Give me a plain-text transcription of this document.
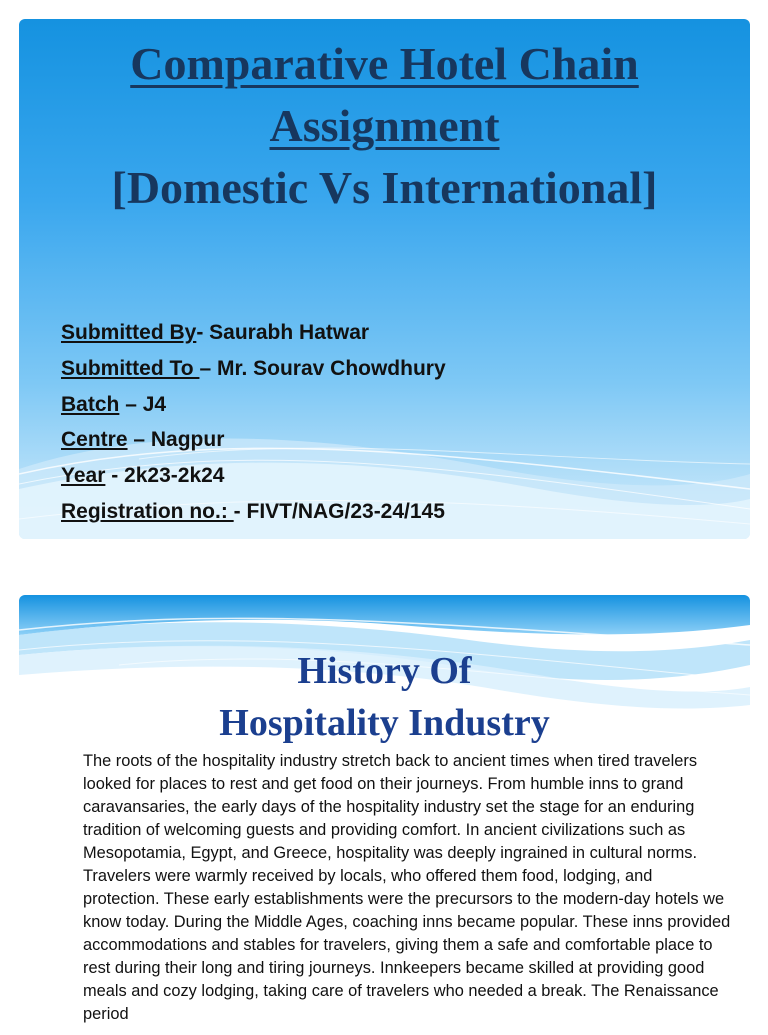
Comparative Hotel Chain
Assignment
[Domestic Vs International]
Submitted By- Saurabh Hatwar
Submitted To – Mr. Sourav Chowdhury
Batch – J4
Centre – Nagpur
Year - 2k23-2k24
Registration no.: - FIVT/NAG/23-24/145
History Of
Hospitality Industry
The roots of the hospitality industry stretch back to ancient times when tired travelers looked for places to rest and get food on their journeys. From humble inns to grand caravansaries, the early days of the hospitality industry set the stage for an enduring tradition of welcoming guests and providing comfort. In ancient civilizations such as Mesopotamia, Egypt, and Greece, hospitality was deeply ingrained in cultural norms. Travelers were warmly received by locals, who offered them food, lodging, and protection. These early establishments were the precursors to the modern-day hotels we know today. During the Middle Ages, coaching inns became popular. These inns provided accommodations and stables for travelers, giving them a safe and comfortable place to rest during their long and tiring journeys. Innkeepers became skilled at providing good meals and cozy lodging, taking care of travelers who needed a break. The Renaissance period
